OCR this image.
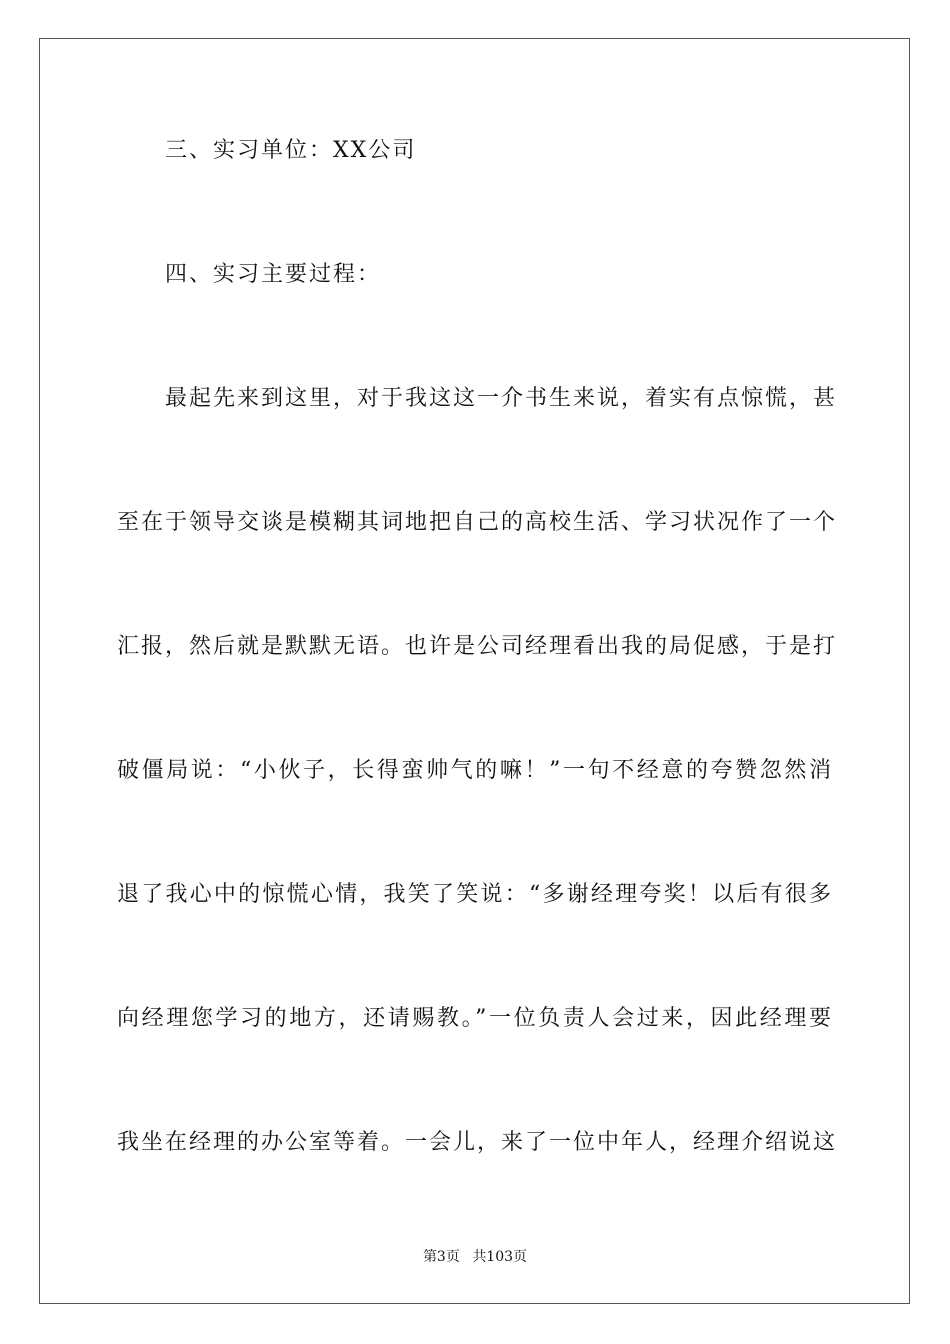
三、实习单位：XX公司
四、实习主要过程：
最起先来到这里，对于我这这一介书生来说，着实有点惊慌，甚
至在于领导交谈是模糊其词地把自己的高校生活、学习状况作了一个
汇报，然后就是默默无语。也许是公司经理看出我的局促感，于是打
破僵局说：“小伙子，长得蛮帅气的嘛！”一句不经意的夸赞忽然消
退了我心中的惊慌心情，我笑了笑说：“多谢经理夸奖！以后有很多
向经理您学习的地方，还请赐教。”一位负责人会过来，因此经理要
我坐在经理的办公室等着。一会儿，来了一位中年人，经理介绍说这
第3页 共103页
